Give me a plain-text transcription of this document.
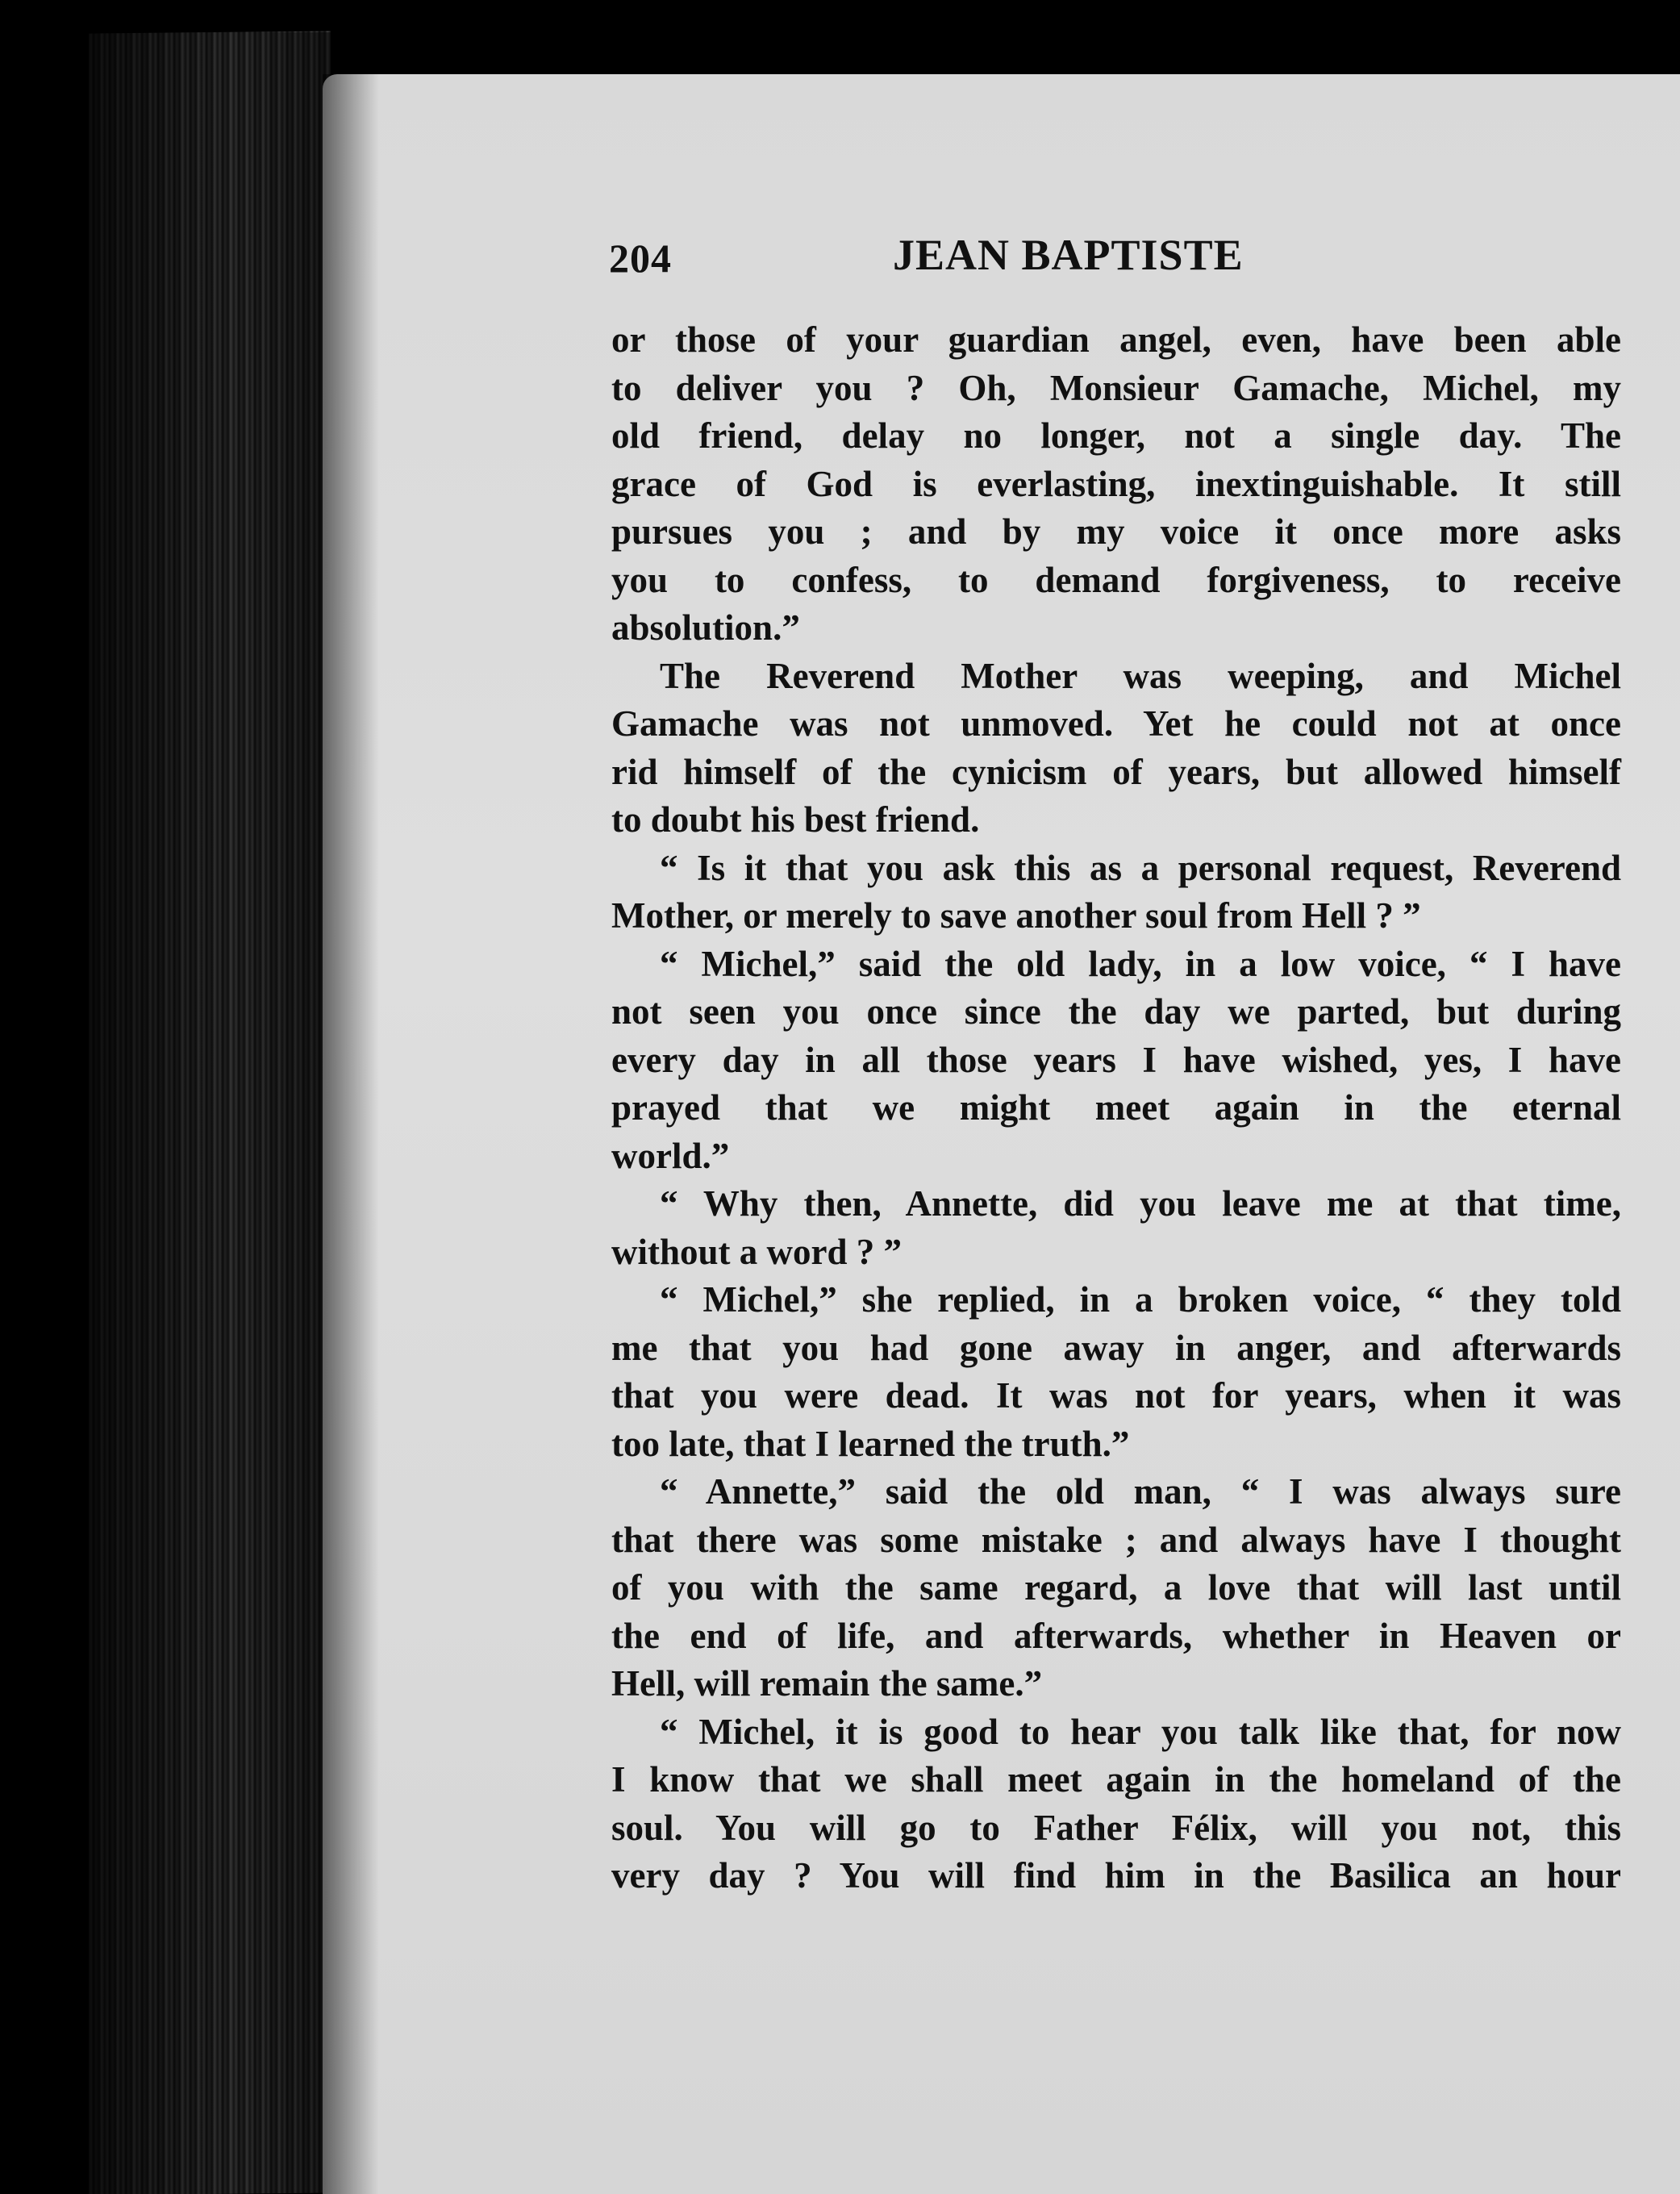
204	JEAN BAPTISTE
or those of your guardian angel, even, have been able
to deliver you ? Oh, Monsieur Gamache, Michel, my
old friend, delay no longer, not a single day. The
grace of God is everlasting, inextinguishable. It still
pursues you ; and by my voice it once more asks
you to confess, to demand forgiveness, to receive
absolution.”
The Reverend Mother was weeping, and Michel
Gamache was not unmoved. Yet he could not at once
rid himself of the cynicism of years, but allowed himself
to doubt his best friend.
“ Is it that you ask this as a personal request, Reverend
Mother, or merely to save another soul from Hell ? ”
“ Michel,” said the old lady, in a low voice, “ I have
not seen you once since the day we parted, but during
every day in all those years I have wished, yes, I have
prayed that we might meet again in the eternal
world.”
“ Why then, Annette, did you leave me at that time,
without a word ? ”
“ Michel,” she replied, in a broken voice, “ they told
me that you had gone away in anger, and afterwards
that you were dead. It was not for years, when it was
too late, that I learned the truth.”
“ Annette,” said the old man, “ I was always sure
that there was some mistake ; and always have I thought
of you with the same regard, a love that will last until
the end of life, and afterwards, whether in Heaven or
Hell, will remain the same.”
“ Michel, it is good to hear you talk like that, for now
I know that we shall meet again in the homeland of the
soul. You will go to Father Félix, will you not, this
very day ? You will find him in the Basilica an hour
